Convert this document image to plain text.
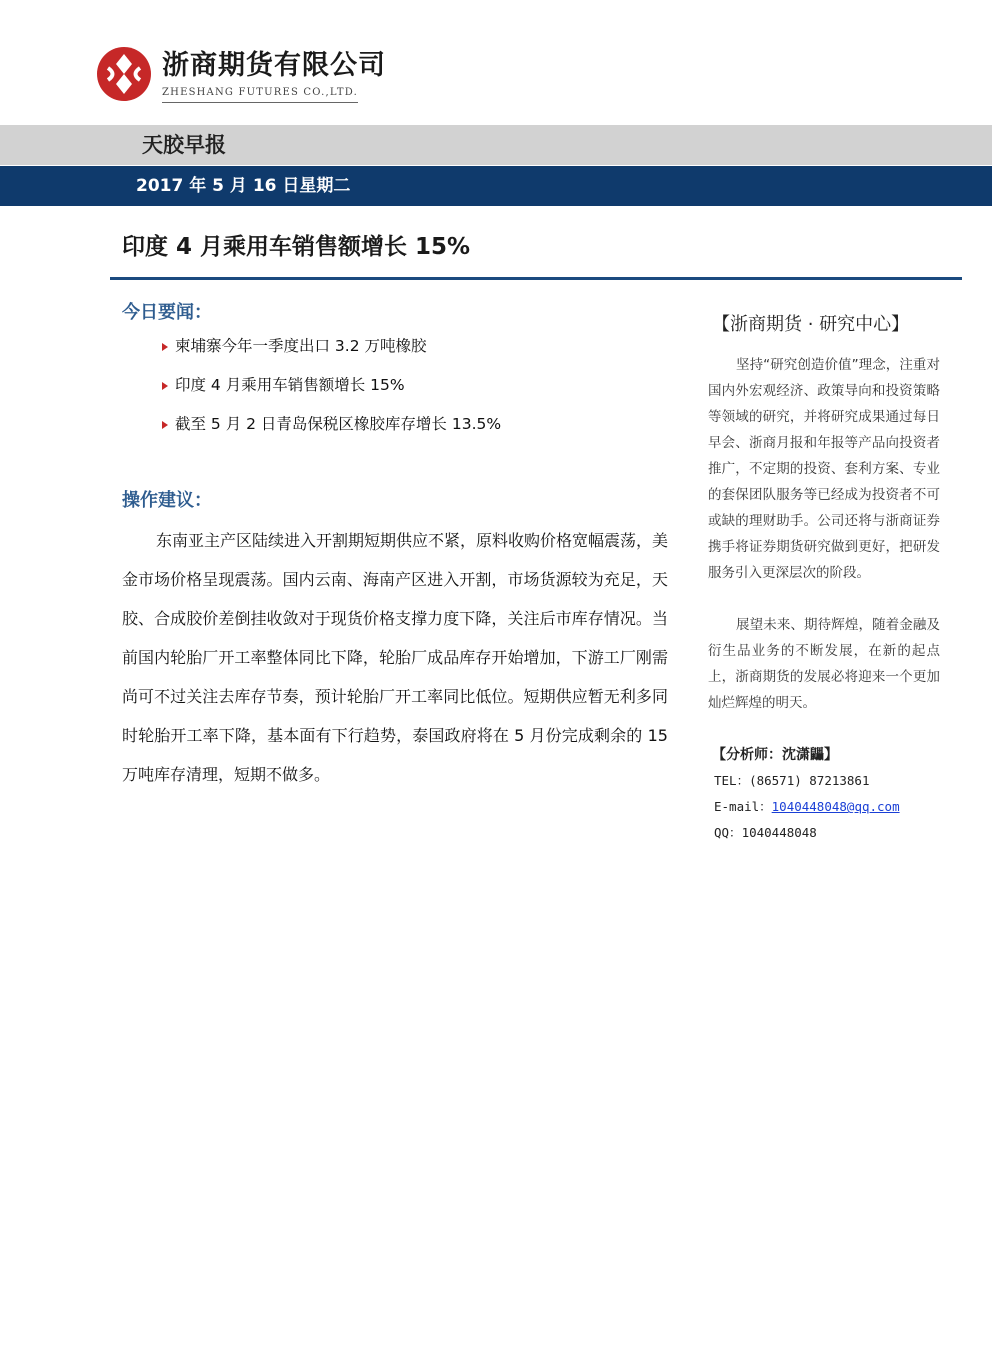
浙商期货有限公司
ZHESHANG FUTURES CO.,LTD.
天胶早报
2017 年 5 月 16 日星期二
印度 4 月乘用车销售额增长 15%
今日要闻：
柬埔寨今年一季度出口 3.2 万吨橡胶
印度 4 月乘用车销售额增长 15%
截至 5 月 2 日青岛保税区橡胶库存增长 13.5%
操作建议：

东南亚主产区陆续进入开割期短期供应不紧，原料收购价格宽幅震荡，美金市场价格呈现震荡。国内云南、海南产区进入开割，市场货源较为充足，天胶、合成胶价差倒挂收敛对于现货价格支撑力度下降，关注后市库存情况。当前国内轮胎厂开工率整体同比下降，轮胎厂成品库存开始增加，下游工厂刚需尚可不过关注去库存节奏，预计轮胎厂开工率同比低位。短期供应暂无利多同时轮胎开工率下降，基本面有下行趋势，泰国政府将在 5 月份完成剩余的 15 万吨库存清理，短期不做多。

【浙商期货 · 研究中心】

坚持“研究创造价值”理念，注重对国内外宏观经济、政策导向和投资策略等领域的研究，并将研究成果通过每日早会、浙商月报和年报等产品向投资者推广，不定期的投资、套利方案、专业的套保团队服务等已经成为投资者不可或缺的理财助手。公司还将与浙商证券携手将证券期货研究做到更好，把研发服务引入更深层次的阶段。

展望未来、期待辉煌，随着金融及衍生品业务的不断发展，在新的起点上，浙商期货的发展必将迎来一个更加灿烂辉煌的明天。

【分析师：沈潇鼺】
TEL：(86571) 87213861
E-mail：1040448048@qq.com
QQ：1040448048
